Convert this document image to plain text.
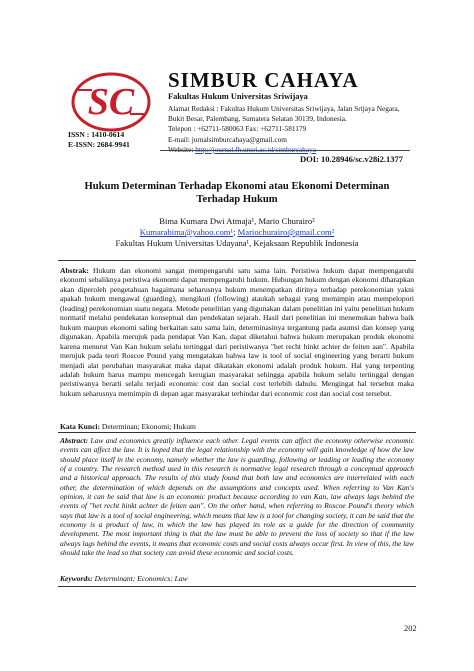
SC
ISSN : 1410-0614
E-ISSN: 2684-9941
SIMBUR CAHAYA
Fakultas Hukum Universitas Sriwijaya
Alamat Redaksi : Fakultas Hukum Universitas Sriwijaya, Jalan Srijaya Negara,
Bukit Besar, Palembang, Sumatera Selatan 30139, Indonesia.
Telepon : +62711-580063 Fax: +62711-581179
E-mail: jurnalsimburcahaya@gmail.com
DOI: 10.28946/sc.v28i2.1377
Hukum Determinan Terhadap Ekonomi atau Ekonomi Determinan
Terhadap Hukum
Bima Kumara Dwi Atmaja¹, Mario Churairo²
Kumarabima@yahoo.com¹; Mariochurairo@gmail.com²
Fakultas Hukum Universitas Udayana¹, Kejaksaan Republik Indonesia
Abstrak: Hukum dan ekonomi sangat mempengaruhi satu sama lain. Peristiwa hukum dapat mempengaruhi ekonomi sebaliknya peristiwa ekonomi dapat mempengaruhi hukum. Hubungan hukum dengan ekonomi diharapkan akan diperoleh pengetahuan bagaimana seharusnya hukum menempatkan dirinya terhadap perekonomian yakni apakah hukum mengawal (guarding), mengikuti (following) ataukah sebagai yang memimpin atau mempelopori (leading) perekonomian suatu negara. Metode penelitian yang digunakan dalam penelitian ini yaitu penelitian hukum normatif melalui pendekatan konseptual dan pendekatan sejarah. Hasil dari penelitian ini menemukan bahwa baik hukum maupun ekonomi saling berkaitan satu sama lain, determinasinya tergantung pada asumsi dan konsep yang digunakan. Apabila merujuk pada pendapat Van Kan, dapat diketahui bahwa hukum merupakan produk ekonomi karena menurut Van Kan hukum selalu tertinggal dari peristiwanya "het recht hinkt achter de feiten aan". Apabila merujuk pada teori Roscoe Pound yang mengatakan bahwa law is tool of social engineering yang berarti hukum menjadi alat perubahan masyarakat maka dapat dikatakan ekonomi adalah produk hukum. Hal yang terpenting adalah hukum harus mampu mencegah kerugian masyarakat sehingga apabila hukum selalu tertinggal dengan peristiwanya berarti selalu terjadi economic cost dan social cost terlebih dahulu. Mengingat hal tersebut maka hukum seharusnya memimpin di depan agar masyarakat terhindar dari economic cost dan social cost tersebut.
Kata Kunci: Determinan; Ekonomi; Hukum
Abstract: Law and economics greatly influence each other. Legal events can affect the economy otherwise economic events can affect the law. It is hoped that the legal relationship with the economy will gain knowledge of how the law should place itself in the economy, namely whether the law is guarding, following or leading or leading the economy of a country. The research method used in this research is normative legal research through a conceptual approach and a historical approach. The results of this study found that both law and economics are interrelated with each other, the determination of which depends on the assumptions and concepts used. When referring to Van Kan's opinion, it can be said that law is an economic product because according to van Kan, law always lags behind the events of "het recht hinkt achter de feiten aan". On the other hand, when referring to Roscoe Pound's theory which says that law is a tool of social engineering, which means that law is a tool for changing society, it can be said that the economy is a product of law, in which the law has played its role as a guide for the direction of community development. The most important thing is that the law must be able to prevent the loss of society so that if the law always lags behind the events, it means that economic costs and social costs always occur first. In view of this, the law should take the lead so that society can avoid these economic and social costs.
Keywords: Determinant; Economics; Law
202
